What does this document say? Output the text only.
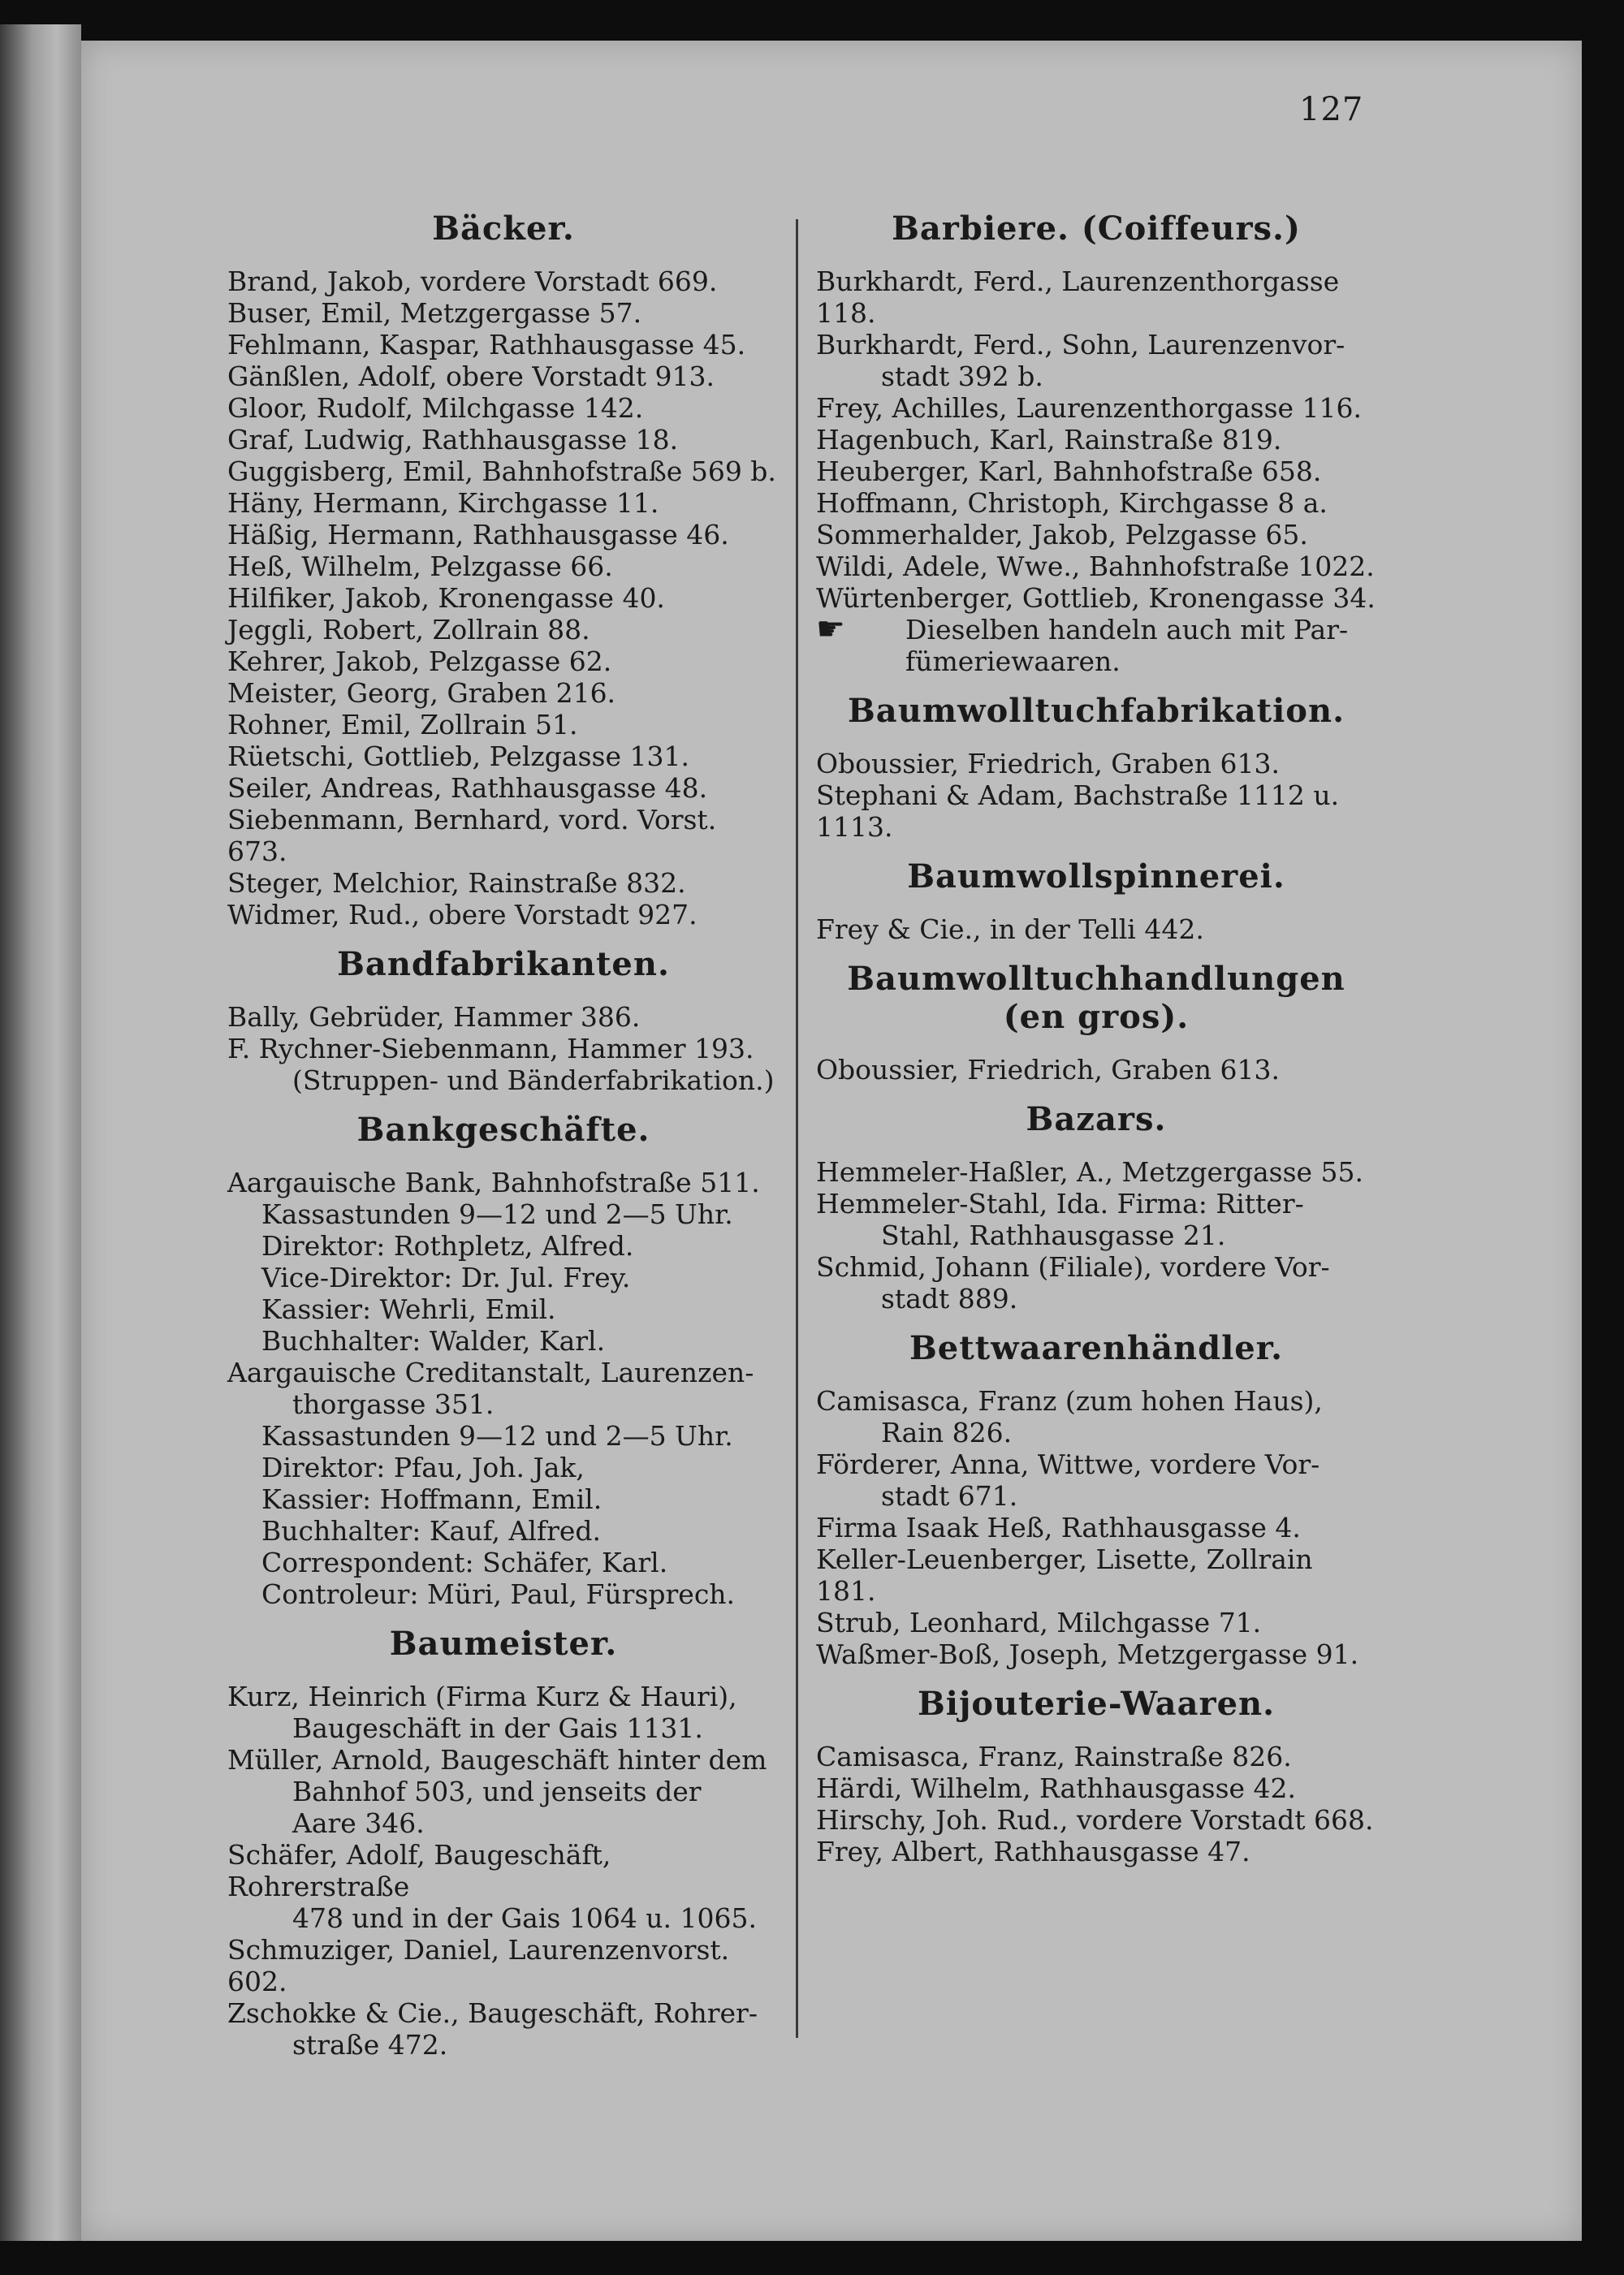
127
Bäcker.
Brand, Jakob, vordere Vorstadt 669.
Buser, Emil, Metzgergasse 57.
Fehlmann, Kaspar, Rathhausgasse 45.
Gänßlen, Adolf, obere Vorstadt 913.
Gloor, Rudolf, Milchgasse 142.
Graf, Ludwig, Rathhausgasse 18.
Guggisberg, Emil, Bahnhofstraße 569 b.
Häny, Hermann, Kirchgasse 11.
Häßig, Hermann, Rathhausgasse 46.
Heß, Wilhelm, Pelzgasse 66.
Hilfiker, Jakob, Kronengasse 40.
Jeggli, Robert, Zollrain 88.
Kehrer, Jakob, Pelzgasse 62.
Meister, Georg, Graben 216.
Rohner, Emil, Zollrain 51.
Rüetschi, Gottlieb, Pelzgasse 131.
Seiler, Andreas, Rathhausgasse 48.
Siebenmann, Bernhard, vord. Vorst. 673.
Steger, Melchior, Rainstraße 832.
Widmer, Rud., obere Vorstadt 927.
Bandfabrikanten.
Bally, Gebrüder, Hammer 386.
F. Rychner-Siebenmann, Hammer 193.
(Struppen- und Bänderfabrikation.)
Bankgeschäfte.
Aargauische Bank, Bahnhofstraße 511.
Kassastunden 9—12 und 2—5 Uhr.
Direktor: Rothpletz, Alfred.
Vice-Direktor: Dr. Jul. Frey.
Kassier: Wehrli, Emil.
Buchhalter: Walder, Karl.
Aargauische Creditanstalt, Laurenzen-
thorgasse 351.
Kassastunden 9—12 und 2—5 Uhr.
Direktor: Pfau, Joh. Jak,
Kassier: Hoffmann, Emil.
Buchhalter: Kauf, Alfred.
Correspondent: Schäfer, Karl.
Controleur: Müri, Paul, Fürsprech.
Baumeister.
Kurz, Heinrich (Firma Kurz & Hauri),
Baugeschäft in der Gais 1131.
Müller, Arnold, Baugeschäft hinter dem
Bahnhof 503, und jenseits der
Aare 346.
Schäfer, Adolf, Baugeschäft, Rohrerstraße
478 und in der Gais 1064 u. 1065.
Schmuziger, Daniel, Laurenzenvorst. 602.
Zschokke & Cie., Baugeschäft, Rohrer-
straße 472.
Barbiere. (Coiffeurs.)
Burkhardt, Ferd., Laurenzenthorgasse 118.
Burkhardt, Ferd., Sohn, Laurenzenvor-
stadt 392 b.
Frey, Achilles, Laurenzenthorgasse 116.
Hagenbuch, Karl, Rainstraße 819.
Heuberger, Karl, Bahnhofstraße 658.
Hoffmann, Christoph, Kirchgasse 8 a.
Sommerhalder, Jakob, Pelzgasse 65.
Wildi, Adele, Wwe., Bahnhofstraße 1022.
Würtenberger, Gottlieb, Kronengasse 34.
☛	Dieselben handeln auch mit Par-
fümeriewaaren.
Baumwolltuchfabrikation.
Oboussier, Friedrich, Graben 613.
Stephani & Adam, Bachstraße 1112 u. 1113.
Baumwollspinnerei.
Frey & Cie., in der Telli 442.
Baumwolltuchhandlungen (en gros).
Oboussier, Friedrich, Graben 613.
Bazars.
Hemmeler-Haßler, A., Metzgergasse 55.
Hemmeler-Stahl, Ida. Firma: Ritter-
Stahl, Rathhausgasse 21.
Schmid, Johann (Filiale), vordere Vor-
stadt 889.
Bettwaarenhändler.
Camisasca, Franz (zum hohen Haus),
Rain 826.
Förderer, Anna, Wittwe, vordere Vor-
stadt 671.
Firma Isaak Heß, Rathhausgasse 4.
Keller-Leuenberger, Lisette, Zollrain 181.
Strub, Leonhard, Milchgasse 71.
Waßmer-Boß, Joseph, Metzgergasse 91.
Bijouterie-Waaren.
Camisasca, Franz, Rainstraße 826.
Härdi, Wilhelm, Rathhausgasse 42.
Hirschy, Joh. Rud., vordere Vorstadt 668.
Frey, Albert, Rathhausgasse 47.
